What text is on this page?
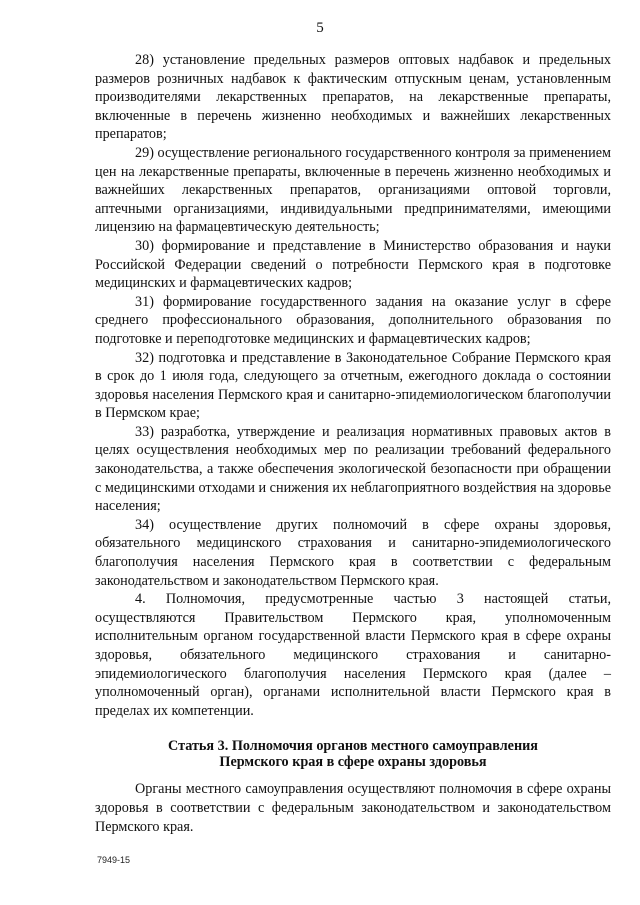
5

28) установление предельных размеров оптовых надбавок и предельных размеров розничных надбавок к фактическим отпускным ценам, установленным производителями лекарственных препаратов, на лекарственные препараты, включенные в перечень жизненно необходимых и важнейших лекарственных препаратов;

29) осуществление регионального государственного контроля за применением цен на лекарственные препараты, включенные в перечень жизненно необходимых и важнейших лекарственных препаратов, организациями оптовой торговли, аптечными организациями, индивидуальными предпринимателями, имеющими лицензию на фармацевтическую деятельность;

30) формирование и представление в Министерство образования и науки Российской Федерации сведений о потребности Пермского края в подготовке медицинских и фармацевтических кадров;

31) формирование государственного задания на оказание услуг в сфере среднего профессионального образования, дополнительного образования по подготовке и переподготовке медицинских и фармацевтических кадров;

32) подготовка и представление в Законодательное Собрание Пермского края в срок до 1 июля года, следующего за отчетным, ежегодного доклада о состоянии здоровья населения Пермского края и санитарно-эпидемиологическом благополучии в Пермском крае;

33) разработка, утверждение и реализация нормативных правовых актов в целях осуществления необходимых мер по реализации требований федерального законодательства, а также обеспечения экологической безопасности при обращении с медицинскими отходами и снижения их неблагоприятного воздействия на здоровье населения;

34) осуществление других полномочий в сфере охраны здоровья, обязательного медицинского страхования и санитарно-эпидемиологического благополучия населения Пермского края в соответствии с федеральным законодательством и законодательством Пермского края.

4. Полномочия, предусмотренные частью 3 настоящей статьи, осуществляются Правительством Пермского края, уполномоченным исполнительным органом государственной власти Пермского края в сфере охраны здоровья, обязательного медицинского страхования и санитарно-эпидемиологического благополучия населения Пермского края (далее – уполномоченный орган), органами исполнительной власти Пермского края в пределах их компетенции.

Статья 3. Полномочия органов местного самоуправления
Пермского края в сфере охраны здоровья

Органы местного самоуправления осуществляют полномочия в сфере охраны здоровья в соответствии с федеральным законодательством и законодательством Пермского края.

7949-15
